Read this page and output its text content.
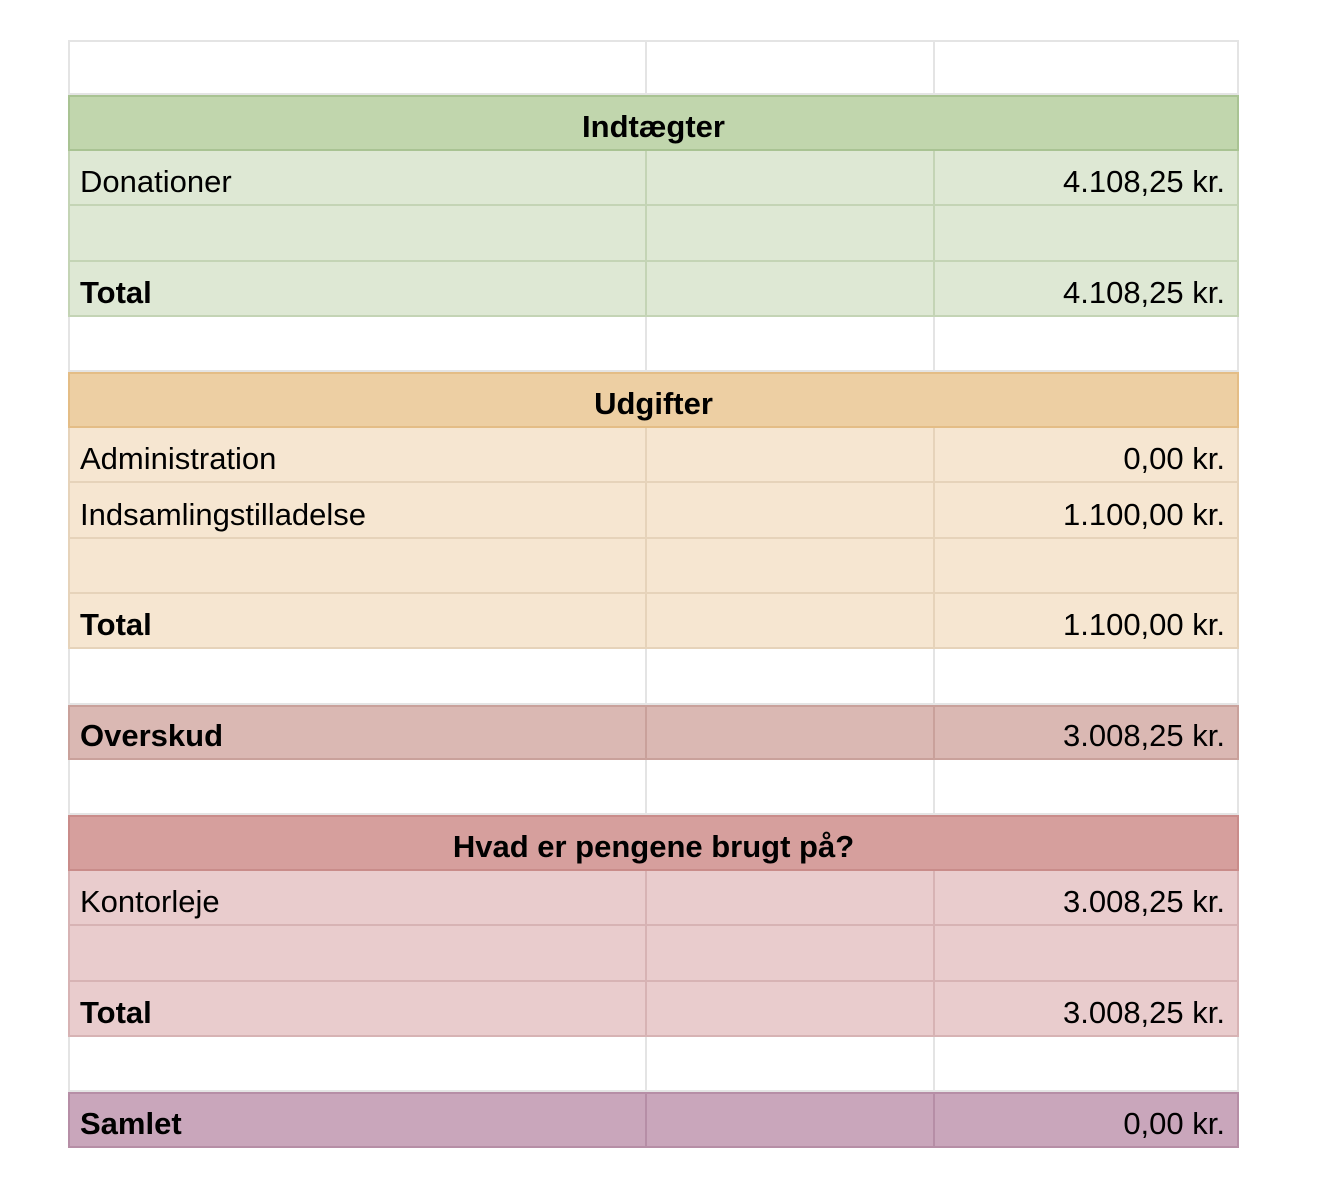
Indtægter
Donationer	4.108,25 kr.
Total	4.108,25 kr.
Udgifter
Administration	0,00 kr.
Indsamlingstilladelse	1.100,00 kr.
Total	1.100,00 kr.
Overskud	3.008,25 kr.
Hvad er pengene brugt på?
Kontorleje	3.008,25 kr.
Total	3.008,25 kr.
Samlet	0,00 kr.
